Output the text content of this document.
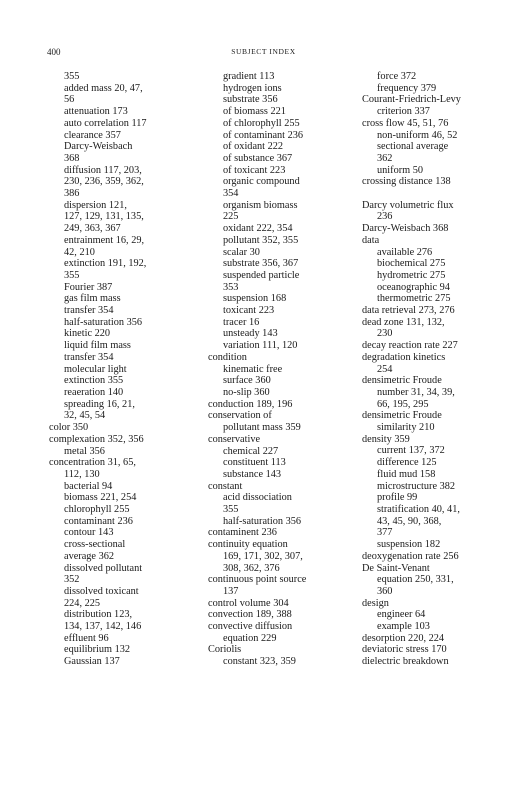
400	SUBJECT INDEX
355
added mass 20, 47,
56
attenuation 173
auto correlation 117
clearance 357
Darcy-Weisbach
368
diffusion 117, 203,
230, 236, 359, 362,
386
dispersion 121,
127, 129, 131, 135,
249, 363, 367
entrainment 16, 29,
42, 210
extinction 191, 192,
355
Fourier 387
gas film mass
transfer 354
half-saturation 356
kinetic 220
liquid film mass
transfer 354
molecular light
extinction 355
reaeration 140
spreading 16, 21,
32, 45, 54
color 350
complexation 352, 356
metal 356
concentration 31, 65,
112, 130
bacterial 94
biomass 221, 254
chlorophyll 255
contaminant 236
contour 143
cross-sectional
average 362
dissolved pollutant
352
dissolved toxicant
224, 225
distribution 123,
134, 137, 142, 146
effluent 96
equilibrium 132
Gaussian 137
gradient 113
hydrogen ions
substrate 356
of biomass 221
of chlorophyll 255
of contaminant 236
of oxidant 222
of substance 367
of toxicant 223
organic compound
354
organism biomass
225
oxidant 222, 354
pollutant 352, 355
scalar 30
substrate 356, 367
suspended particle
353
suspension 168
toxicant 223
tracer 16
unsteady 143
variation 111, 120
condition
kinematic free
surface 360
no-slip 360
conduction 189, 196
conservation of
pollutant mass 359
conservative
chemical 227
constituent 113
substance 143
constant
acid dissociation
355
half-saturation 356
contaminent 236
continuity equation
169, 171, 302, 307,
308, 362, 376
continuous point source
137
control volume 304
convection 189, 388
convective diffusion
equation 229
Coriolis
constant 323, 359
force 372
frequency 379
Courant-Friedrich-Levy
criterion 337
cross flow 45, 51, 76
non-uniform 46, 52
sectional average
362
uniform 50
crossing distance 138
Darcy volumetric flux
236
Darcy-Weisbach 368
data
available 276
biochemical 275
hydrometric 275
oceanographic 94
thermometric 275
data retrieval 273, 276
dead zone 131, 132,
230
decay reaction rate 227
degradation kinetics
254
densimetric Froude
number 31, 34, 39,
66, 195, 295
densimetric Froude
similarity 210
density 359
current 137, 372
difference 125
fluid mud 158
microstructure 382
profile 99
stratification 40, 41,
43, 45, 90, 368,
377
suspension 182
deoxygenation rate 256
De Saint-Venant
equation 250, 331,
360
design
engineer 64
example 103
desorption 220, 224
deviatoric stress 170
dielectric breakdown
